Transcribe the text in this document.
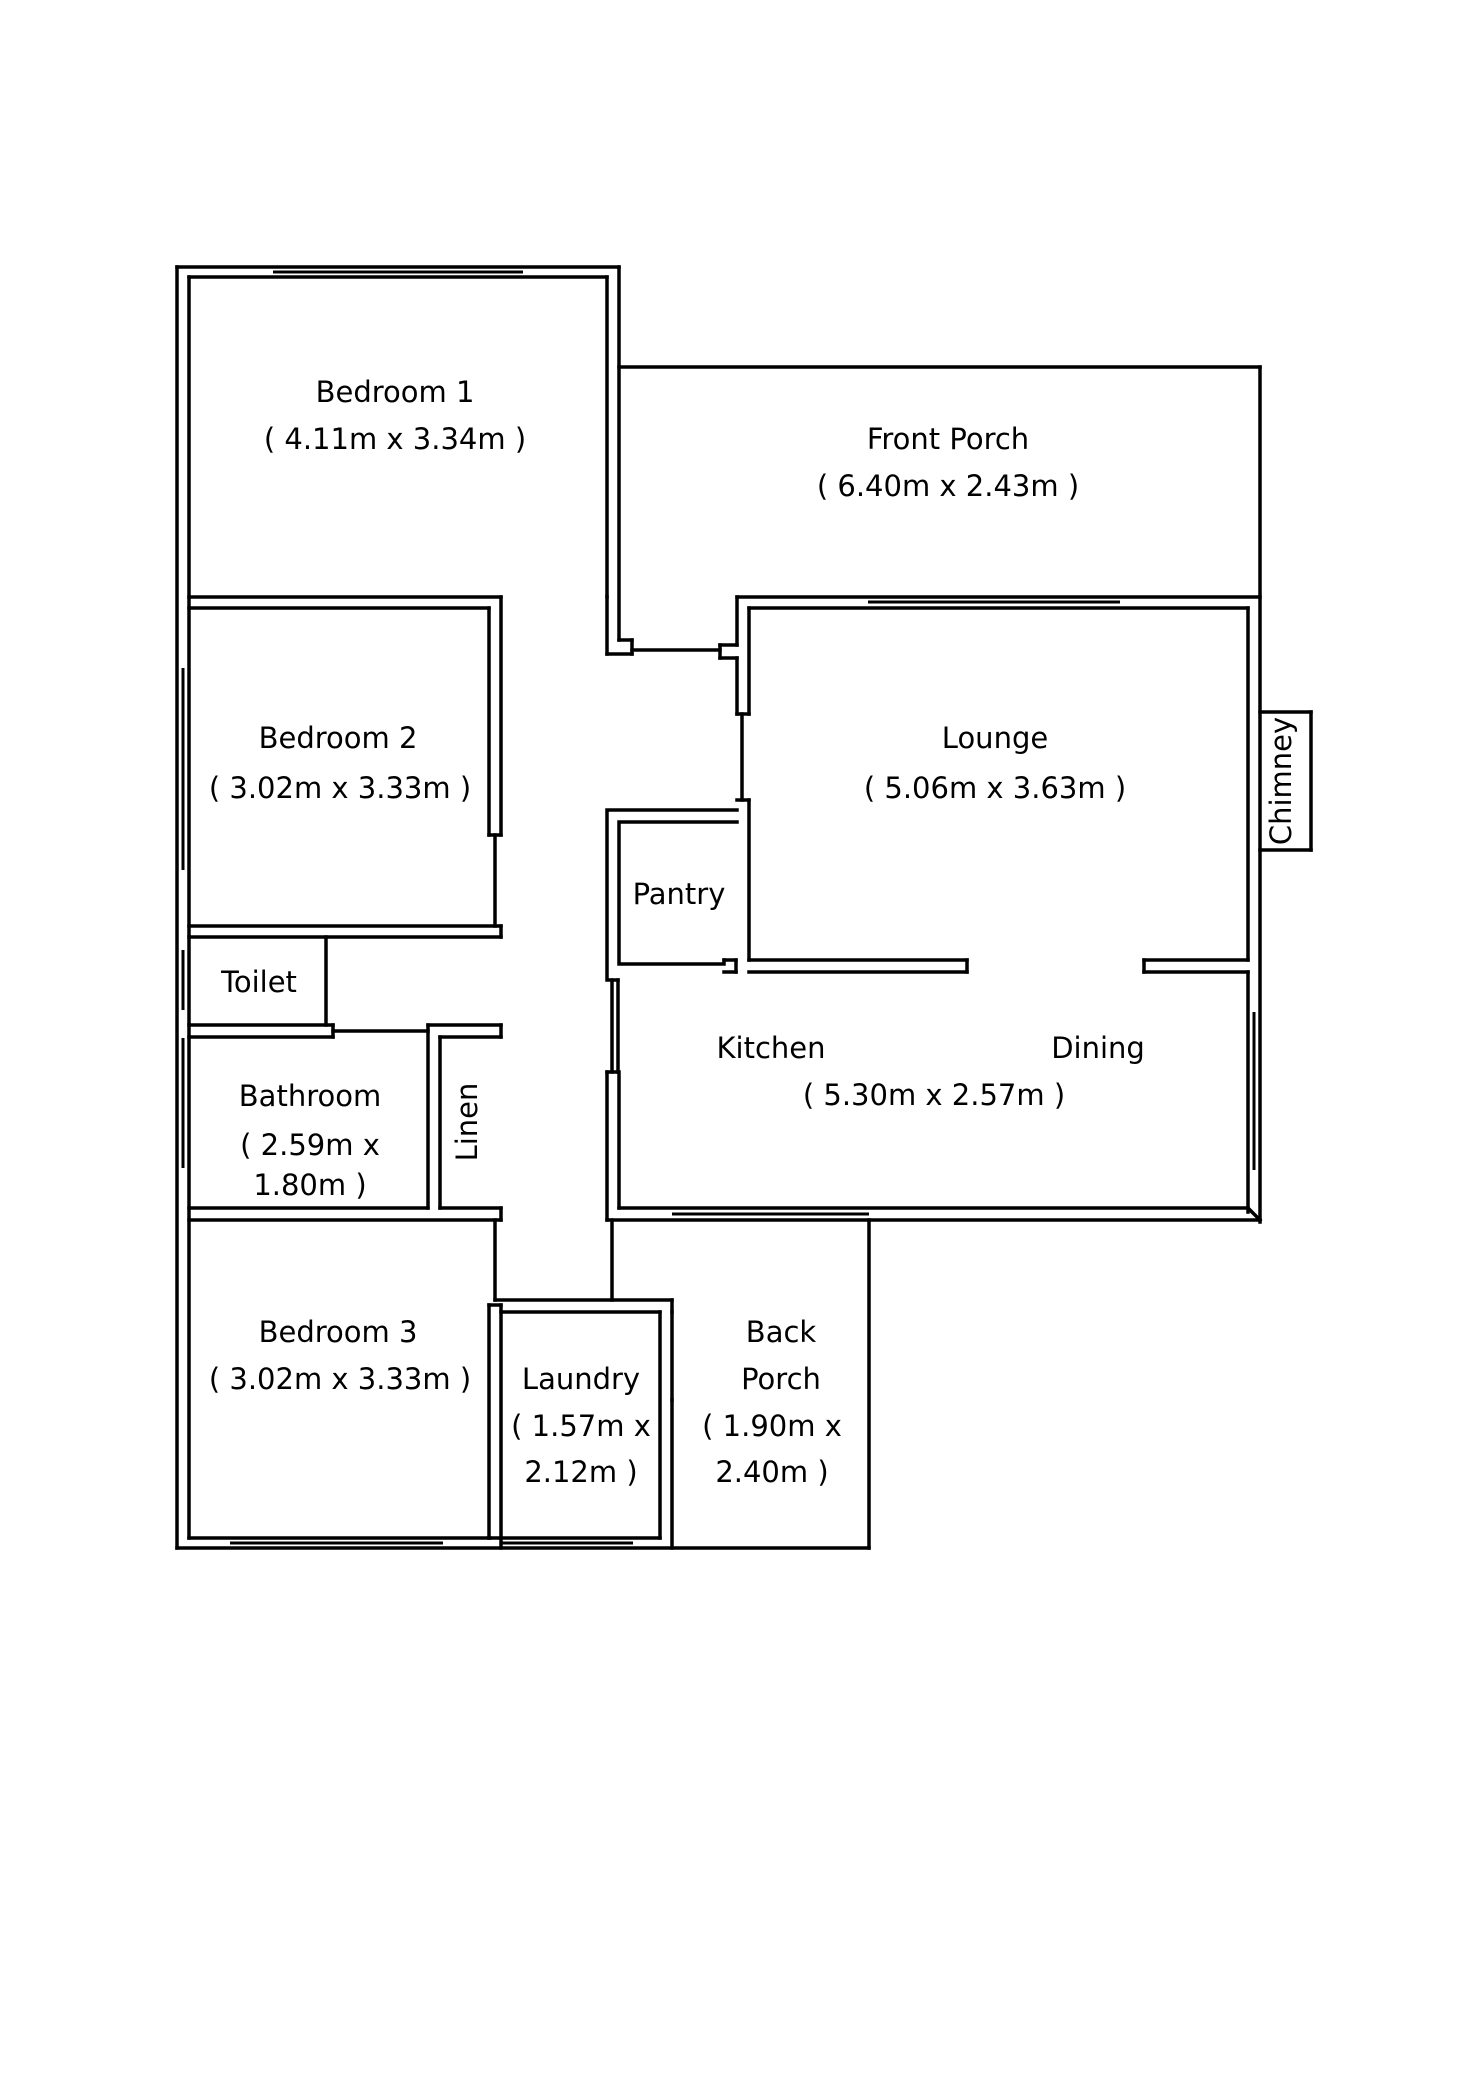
Bedroom 1
( 4.11m x 3.34m )	Front Porch
( 6.40m x 2.43m )
Bedroom 2
( 3.02m x 3.33m )
Lounge
( 5.06m x 3.63m )	Chimney
Pantry
Toilet
Kitchen	Dining
( 5.30m x 2.57m )
Bathroom
( 2.59m x
1.80m )
Linen
Bedroom 3
( 3.02m x 3.33m ) Laundry
( 1.57m x
2.12m )
Back
Porch
( 1.90m x
2.40m )
